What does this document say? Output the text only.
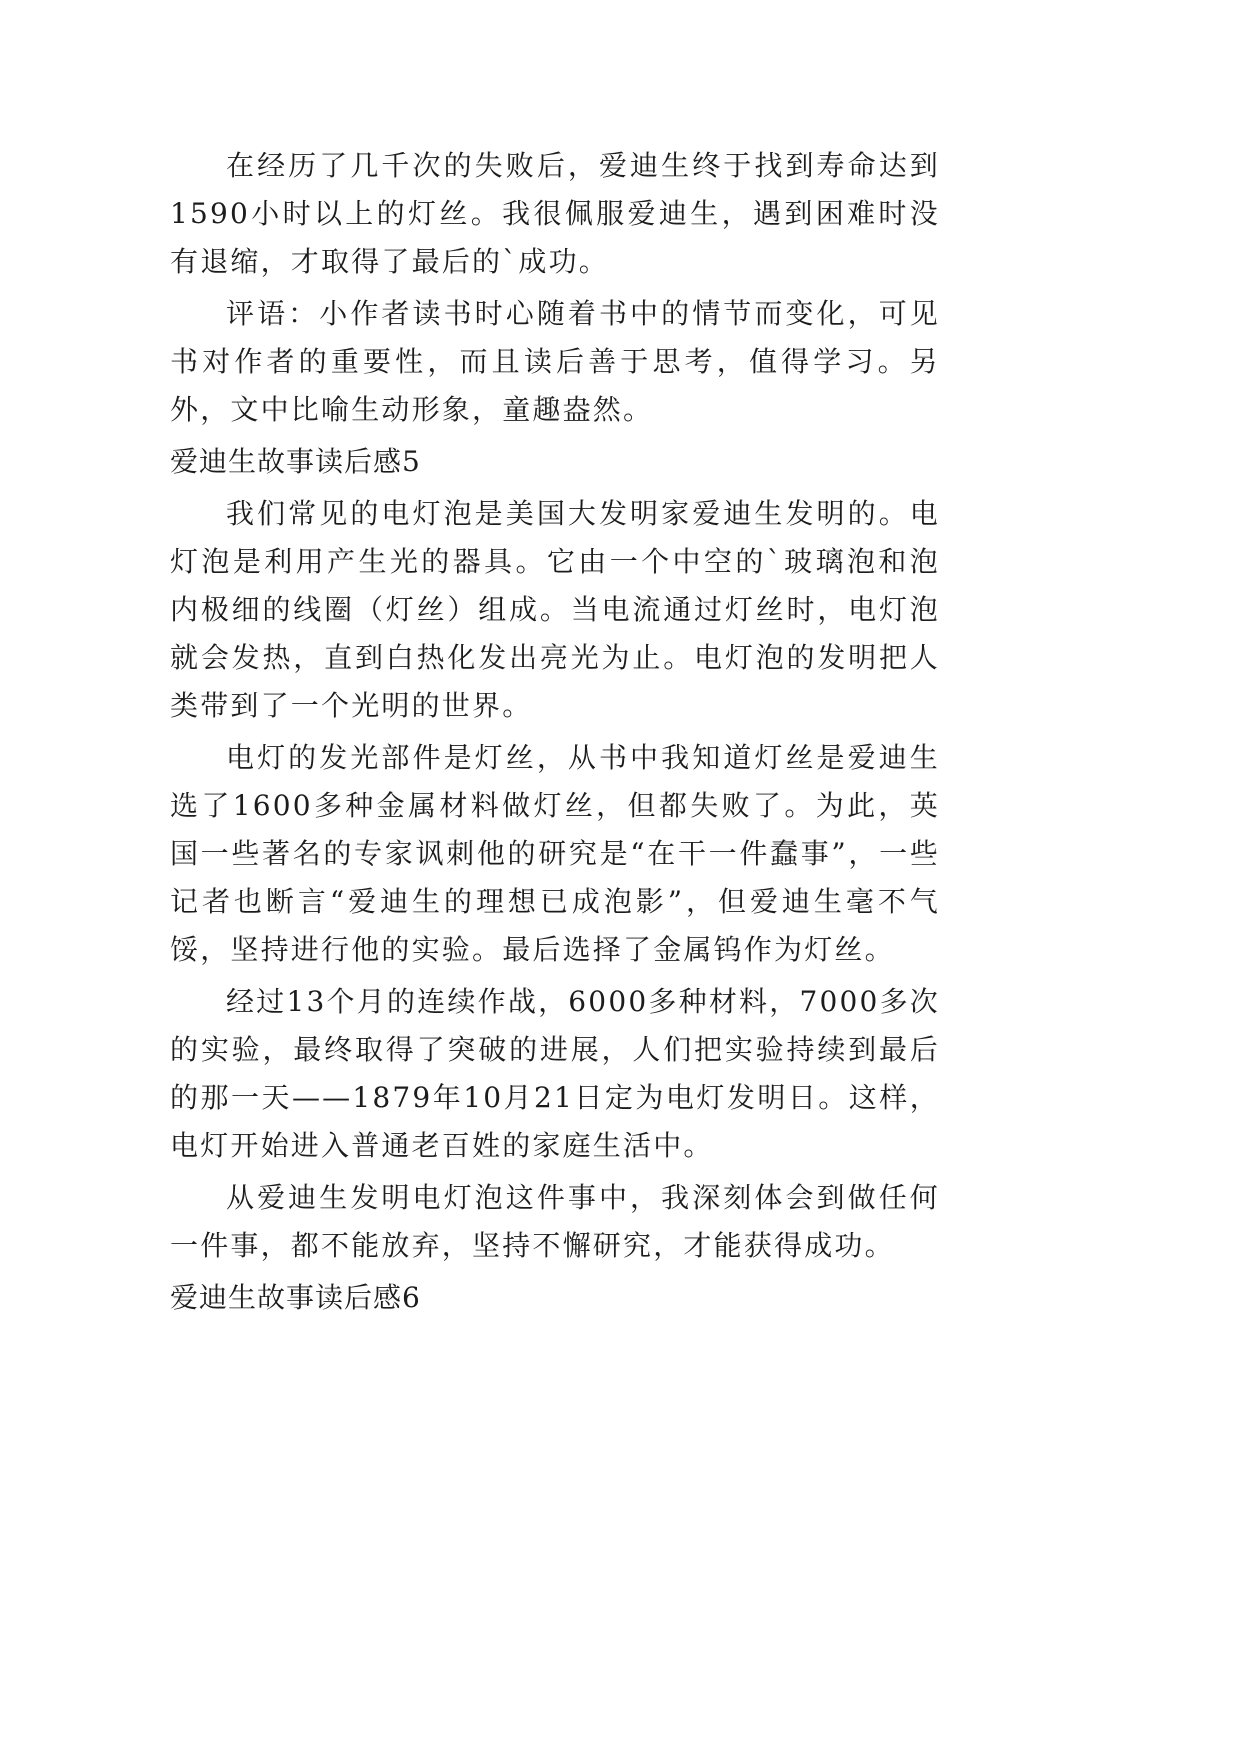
在经历了几千次的失败后，爱迪生终于找到寿命达到1590小时以上的灯丝。我很佩服爱迪生，遇到困难时没有退缩，才取得了最后的`成功。

评语：小作者读书时心随着书中的情节而变化，可见书对作者的重要性，而且读后善于思考，值得学习。另外，文中比喻生动形象，童趣盎然。

爱迪生故事读后感5

我们常见的电灯泡是美国大发明家爱迪生发明的。电灯泡是利用产生光的器具。它由一个中空的`玻璃泡和泡内极细的线圈（灯丝）组成。当电流通过灯丝时，电灯泡就会发热，直到白热化发出亮光为止。电灯泡的发明把人类带到了一个光明的世界。

电灯的发光部件是灯丝，从书中我知道灯丝是爱迪生选了1600多种金属材料做灯丝，但都失败了。为此，英国一些著名的专家讽刺他的研究是“在干一件蠢事”，一些记者也断言“爱迪生的理想已成泡影”，但爱迪生毫不气馁，坚持进行他的实验。最后选择了金属钨作为灯丝。

经过13个月的连续作战，6000多种材料，7000多次的实验，最终取得了突破的进展，人们把实验持续到最后的那一天——1879年10月21日定为电灯发明日。这样，电灯开始进入普通老百姓的家庭生活中。

从爱迪生发明电灯泡这件事中，我深刻体会到做任何一件事，都不能放弃，坚持不懈研究，才能获得成功。

爱迪生故事读后感6
